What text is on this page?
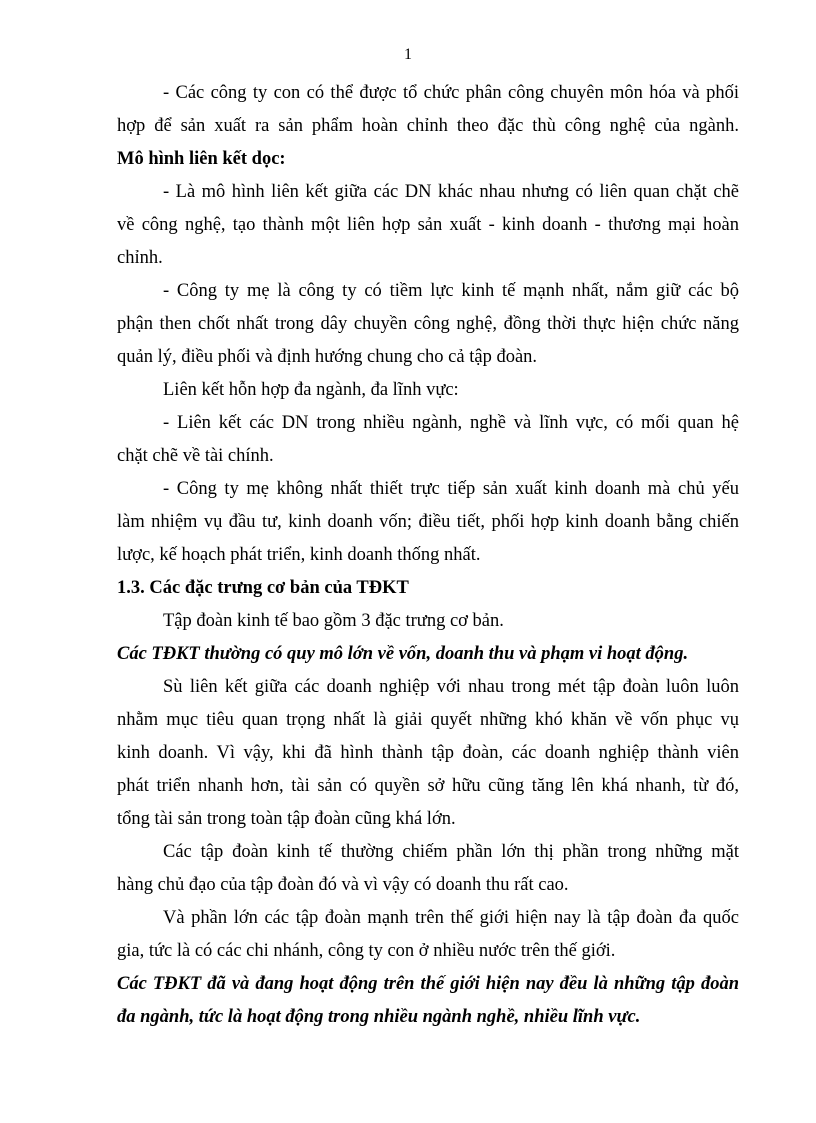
1
- Các công ty con có thể được tổ chức phân công chuyên môn hóa và phối
hợp để sản xuất ra sản phẩm hoàn chỉnh theo đặc thù công nghệ của ngành.
Mô hình liên kết dọc:
- Là mô hình liên kết giữa các DN khác nhau nhưng có liên quan chặt chẽ
về công nghệ, tạo thành một liên hợp sản xuất - kinh doanh - thương mại hoàn
chỉnh.
- Công ty mẹ là công ty có tiềm lực kinh tế mạnh nhất, nắm giữ các bộ
phận then chốt nhất trong dây chuyền công nghệ, đồng thời thực hiện chức năng
quản lý, điều phối và định hướng chung cho cả tập đoàn.
Liên kết hỗn hợp đa ngành, đa lĩnh vực:
- Liên kết các DN trong nhiều ngành, nghề và lĩnh vực, có mối quan hệ
chặt chẽ về tài chính.
- Công ty mẹ không nhất thiết trực tiếp sản xuất kinh doanh mà chủ yếu
làm nhiệm vụ đầu tư, kinh doanh vốn; điều tiết, phối hợp kinh doanh bằng chiến
lược, kế hoạch phát triển, kinh doanh thống nhất.
1.3. Các đặc trưng cơ bản của TĐKT
Tập đoàn kinh tế bao gồm 3 đặc trưng cơ bản.
Các TĐKT thường có quy mô lớn về vốn, doanh thu và phạm vi hoạt động.
Sù liên kết giữa các doanh nghiệp với nhau trong mét tập đoàn luôn luôn
nhằm mục tiêu quan trọng nhất là giải quyết những khó khăn về vốn phục vụ
kinh doanh. Vì vậy, khi đã hình thành tập đoàn, các doanh nghiệp thành viên
phát triển nhanh hơn, tài sản có quyền sở hữu cũng tăng lên khá nhanh, từ đó,
tổng tài sản trong toàn tập đoàn cũng khá lớn.
Các tập đoàn kinh tế thường chiếm phần lớn thị phần trong những mặt
hàng chủ đạo của tập đoàn đó và vì vậy có doanh thu rất cao.
Và phần lớn các tập đoàn mạnh trên thế giới hiện nay là tập đoàn đa quốc
gia, tức là có các chi nhánh, công ty con ở nhiều nước trên thế giới.
Các TĐKT đã và đang hoạt động trên thế giới hiện nay đều là những tập đoàn
đa ngành, tức là hoạt động trong nhiều ngành nghề, nhiều lĩnh vực.
